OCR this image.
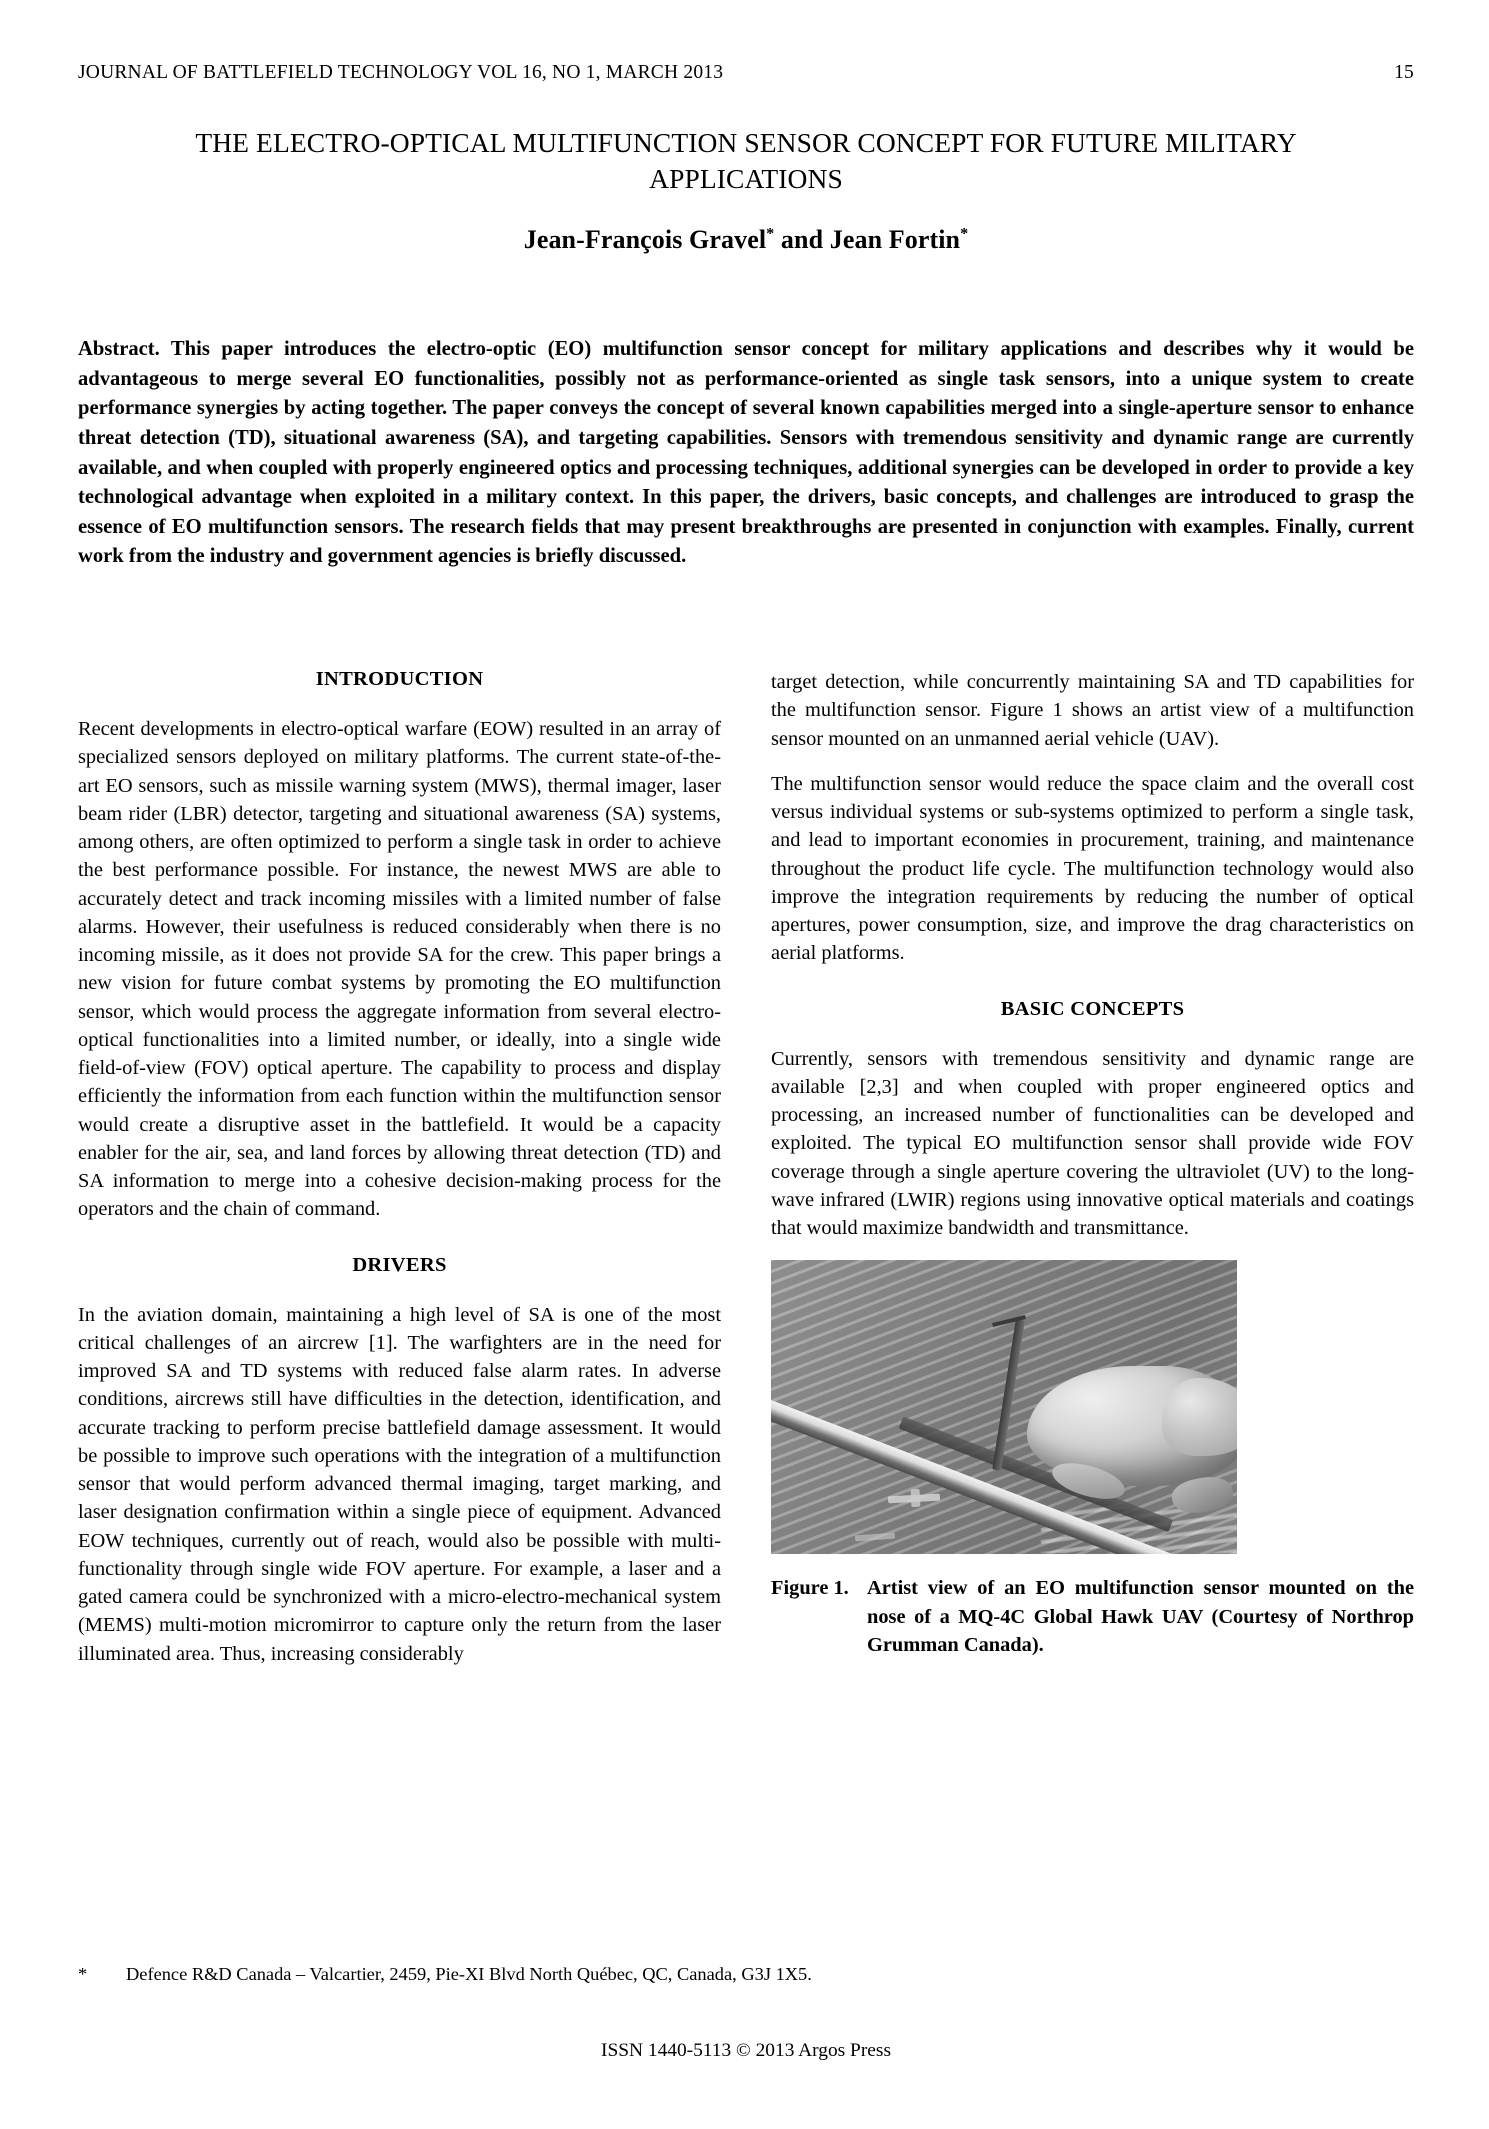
JOURNAL OF BATTLEFIELD TECHNOLOGY VOL 16, NO 1, MARCH 2013	15
THE ELECTRO-OPTICAL MULTIFUNCTION SENSOR CONCEPT FOR FUTURE MILITARY APPLICATIONS
Jean-François Gravel* and Jean Fortin*
Abstract. This paper introduces the electro-optic (EO) multifunction sensor concept for military applications and describes why it would be advantageous to merge several EO functionalities, possibly not as performance-oriented as single task sensors, into a unique system to create performance synergies by acting together. The paper conveys the concept of several known capabilities merged into a single-aperture sensor to enhance threat detection (TD), situational awareness (SA), and targeting capabilities. Sensors with tremendous sensitivity and dynamic range are currently available, and when coupled with properly engineered optics and processing techniques, additional synergies can be developed in order to provide a key technological advantage when exploited in a military context. In this paper, the drivers, basic concepts, and challenges are introduced to grasp the essence of EO multifunction sensors. The research fields that may present breakthroughs are presented in conjunction with examples. Finally, current work from the industry and government agencies is briefly discussed.
INTRODUCTION

Recent developments in electro-optical warfare (EOW) resulted in an array of specialized sensors deployed on military platforms. The current state-of-the-art EO sensors, such as missile warning system (MWS), thermal imager, laser beam rider (LBR) detector, targeting and situational awareness (SA) systems, among others, are often optimized to perform a single task in order to achieve the best performance possible. For instance, the newest MWS are able to accurately detect and track incoming missiles with a limited number of false alarms. However, their usefulness is reduced considerably when there is no incoming missile, as it does not provide SA for the crew. This paper brings a new vision for future combat systems by promoting the EO multifunction sensor, which would process the aggregate information from several electro-optical functionalities into a limited number, or ideally, into a single wide field-of-view (FOV) optical aperture. The capability to process and display efficiently the information from each function within the multifunction sensor would create a disruptive asset in the battlefield. It would be a capacity enabler for the air, sea, and land forces by allowing threat detection (TD) and SA information to merge into a cohesive decision-making process for the operators and the chain of command.

DRIVERS

In the aviation domain, maintaining a high level of SA is one of the most critical challenges of an aircrew [1]. The warfighters are in the need for improved SA and TD systems with reduced false alarm rates. In adverse conditions, aircrews still have difficulties in the detection, identification, and accurate tracking to perform precise battlefield damage assessment. It would be possible to improve such operations with the integration of a multifunction sensor that would perform advanced thermal imaging, target marking, and laser designation confirmation within a single piece of equipment. Advanced EOW techniques, currently out of reach, would also be possible with multi-functionality through single wide FOV aperture. For example, a laser and a gated camera could be synchronized with a micro-electro-mechanical system (MEMS) multi-motion micromirror to capture only the return from the laser illuminated area. Thus, increasing considerably

target detection, while concurrently maintaining SA and TD capabilities for the multifunction sensor. Figure 1 shows an artist view of a multifunction sensor mounted on an unmanned aerial vehicle (UAV).

The multifunction sensor would reduce the space claim and the overall cost versus individual systems or sub-systems optimized to perform a single task, and lead to important economies in procurement, training, and maintenance throughout the product life cycle. The multifunction technology would also improve the integration requirements by reducing the number of optical apertures, power consumption, size, and improve the drag characteristics on aerial platforms.

BASIC CONCEPTS

Currently, sensors with tremendous sensitivity and dynamic range are available [2,3] and when coupled with proper engineered optics and processing, an increased number of functionalities can be developed and exploited. The typical EO multifunction sensor shall provide wide FOV coverage through a single aperture covering the ultraviolet (UV) to the long-wave infrared (LWIR) regions using innovative optical materials and coatings that would maximize bandwidth and transmittance.

Figure 1. Artist view of an EO multifunction sensor mounted on the nose of a MQ-4C Global Hawk UAV (Courtesy of Northrop Grumman Canada).
*	Defence R&D Canada – Valcartier, 2459, Pie-XI Blvd North Québec, QC, Canada, G3J 1X5.
ISSN 1440-5113 © 2013 Argos Press
